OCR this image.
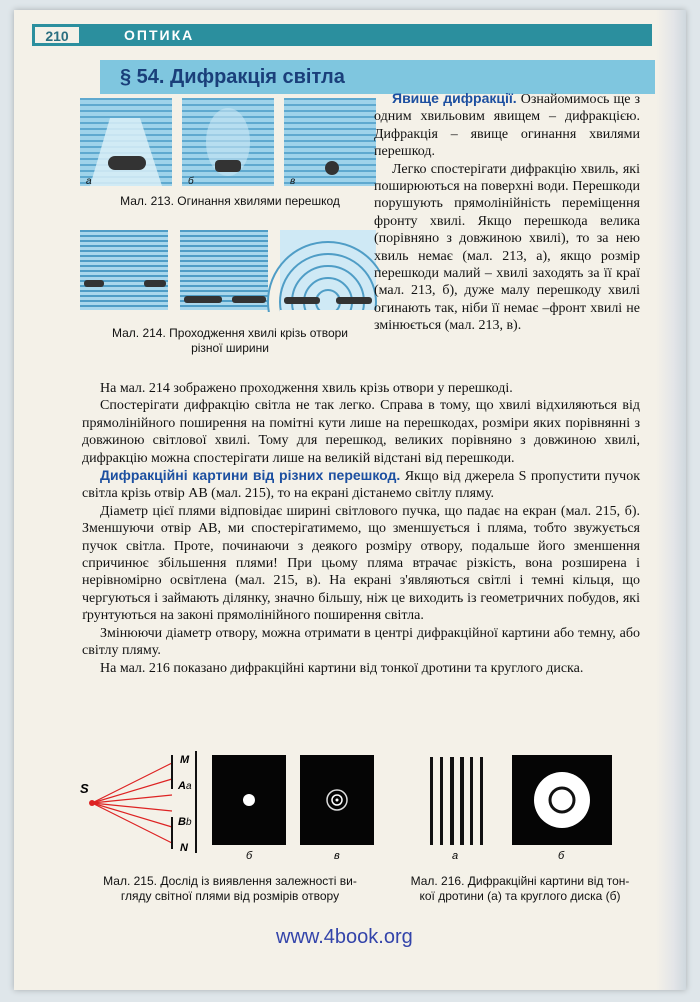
210	ОПТИКА
§ 54. Дифракція світла
а	б	в
Мал. 213. Огинання хвилями перешкод
Мал. 214. Проходження хвилі крізь отвори
різної ширини

Явище дифракції. Ознайомимось ще з одним хвильовим явищем – дифракцією. Дифракція – явище огинання хвилями перешкод.

Легко спостерігати дифракцію хвиль, які поширюються на поверхні води. Перешкоди порушують прямолінійність переміщення фронту хвилі. Якщо перешкода велика (порівняно з довжиною хвилі), то за нею хвиль немає (мал. 213, а), якщо розмір перешкоди малий – хвилі заходять за її краї (мал. 213, б), дуже малу перешкоду хвилі огинають так, ніби її немає –фронт хвилі не змінюється (мал. 213, в).

На мал. 214 зображено проходження хвиль крізь отвори у перешкоді.

Спостерігати дифракцію світла не так легко. Справа в тому, що хвилі відхиляються від прямолінійного поширення на помітні кути лише на перешкодах, розміри яких порівнянні з довжиною світлової хвилі. Тому для перешкод, великих порівняно з довжиною хвилі, дифракцію можна спостерігати лише на великій відстані від перешкоди.

Дифракційні картини від різних перешкод. Якщо від джерела S пропустити пучок світла крізь отвір AB (мал. 215), то на екрані дістанемо світлу пляму.

Діаметр цієї плями відповідає ширині світлового пучка, що падає на екран (мал. 215, б). Зменшуючи отвір AB, ми спостерігатимемо, що зменшується і пляма, тобто звужується пучок світла. Проте, починаючи з деякого розміру отвору, подальше його зменшення спричинює збільшення плями! При цьому пляма втрачає різкість, вона розширена і нерівномірно освітлена (мал. 215, в). На екрані з'являються світлі і темні кільця, що чергуються і займають ділянку, значно більшу, ніж це виходить із геометричних побудов, які ґрунтуються на законі прямолінійного поширення світла.

Змінюючи діаметр отвору, можна отримати в центрі дифракційної картини або темну, або світлу пляму.

На мал. 216 показано дифракційні картини від тонкої дротини та круглого диска.

S
M
A a
B b
N
б	в
Мал. 215. Дослід із виявлення залежності ви-
гляду світної плями від розмірів отвору
а	б
Мал. 216. Дифракційні картини від тон-
кої дротини (а) та круглого диска (б)
www.4book.org
